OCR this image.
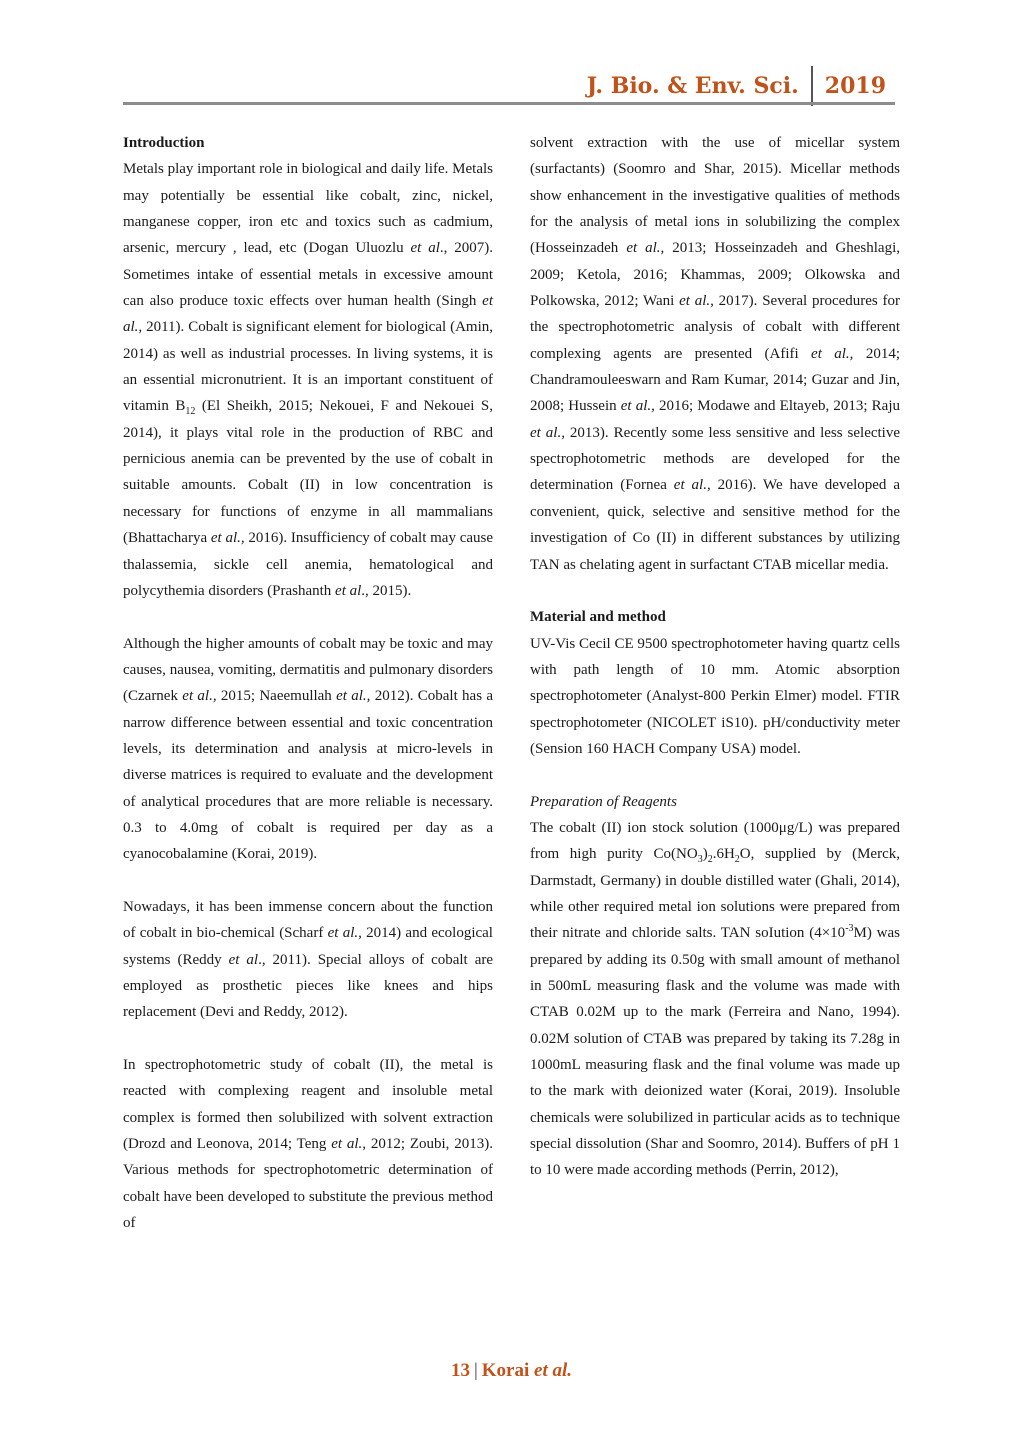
J. Bio. & Env. Sci. 2019

Introduction

Metals play important role in biological and daily life. Metals may potentially be essential like cobalt, zinc, nickel, manganese copper, iron etc and toxics such as cadmium, arsenic, mercury , lead, etc (Dogan Uluozlu et al., 2007). Sometimes intake of essential metals in excessive amount can also produce toxic effects over human health (Singh et al., 2011). Cobalt is significant element for biological (Amin, 2014) as well as industrial processes. In living systems, it is an essential micronutrient. It is an important constituent of vitamin $B_{12}$ (El Sheikh, 2015; Nekouei, F and Nekouei S, 2014), it plays vital role in the production of RBC and pernicious anemia can be prevented by the use of cobalt in suitable amounts. Cobalt (II) in low concentration is necessary for functions of enzyme in all mammalians (Bhattacharya et al., 2016). Insufficiency of cobalt may cause thalassemia, sickle cell anemia, hematological and polycythemia disorders (Prashanth et al., 2015).

Although the higher amounts of cobalt may be toxic and may causes, nausea, vomiting, dermatitis and pulmonary disorders (Czarnek et al., 2015; Naeemullah et al., 2012). Cobalt has a narrow difference between essential and toxic concentration levels, its determination and analysis at micro-levels in diverse matrices is required to evaluate and the development of analytical procedures that are more reliable is necessary. 0.3 to 4.0mg of cobalt is required per day as a cyanocobalamine (Korai, 2019).

Nowadays, it has been immense concern about the function of cobalt in bio-chemical (Scharf et al., 2014) and ecological systems (Reddy et al., 2011). Special alloys of cobalt are employed as prosthetic pieces like knees and hips replacement (Devi and Reddy, 2012).

In spectrophotometric study of cobalt (II), the metal is reacted with complexing reagent and insoluble metal complex is formed then solubilized with solvent extraction (Drozd and Leonova, 2014; Teng et al., 2012; Zoubi, 2013). Various methods for spectrophotometric determination of cobalt have been developed to substitute the previous method of

solvent extraction with the use of micellar system (surfactants) (Soomro and Shar, 2015). Micellar methods show enhancement in the investigative qualities of methods for the analysis of metal ions in solubilizing the complex (Hosseinzadeh et al., 2013; Hosseinzadeh and Gheshlagi, 2009; Ketola, 2016; Khammas, 2009; Olkowska and Polkowska, 2012; Wani et al., 2017). Several procedures for the spectrophotometric analysis of cobalt with different complexing agents are presented (Afifi et al., 2014; Chandramouleeswarn and Ram Kumar, 2014; Guzar and Jin, 2008; Hussein et al., 2016; Modawe and Eltayeb, 2013; Raju et al., 2013). Recently some less sensitive and less selective spectrophotometric methods are developed for the determination (Fornea et al., 2016). We have developed a convenient, quick, selective and sensitive method for the investigation of Co (II) in different substances by utilizing TAN as chelating agent in surfactant CTAB micellar media.

Material and method

UV-Vis Cecil CE 9500 spectrophotometer having quartz cells with path length of 10 mm. Atomic absorption spectrophotometer (Analyst-800 Perkin Elmer) model. FTIR spectrophotometer (NICOLET iS10). pH/conductivity meter (Sension 160 HACH Company USA) model.

Preparation of Reagents

The cobalt (II) ion stock solution (1000μg/L) was prepared from high purity $Co(NO_3)_2.6H_2O$, supplied by (Merck, Darmstadt, Germany) in double distilled water (Ghali, 2014), while other required metal ion solutions were prepared from their nitrate and chloride salts. TAN soIution $(4\times 10^{-3}M)$ was prepared by adding its 0.50g with small amount of methanol in 500mL measuring flask and the volume was made with CTAB 0.02M up to the mark (Ferreira and Nano, 1994). 0.02M solution of CTAB was prepared by taking its 7.28g in 1000mL measuring flask and the final volume was made up to the mark with deionized water (Korai, 2019). Insoluble chemicals were solubilized in particular acids as to technique special dissolution (Shar and Soomro, 2014). Buffers of pH 1 to 10 were made according methods (Perrin, 2012),

13 | Korai et al.
